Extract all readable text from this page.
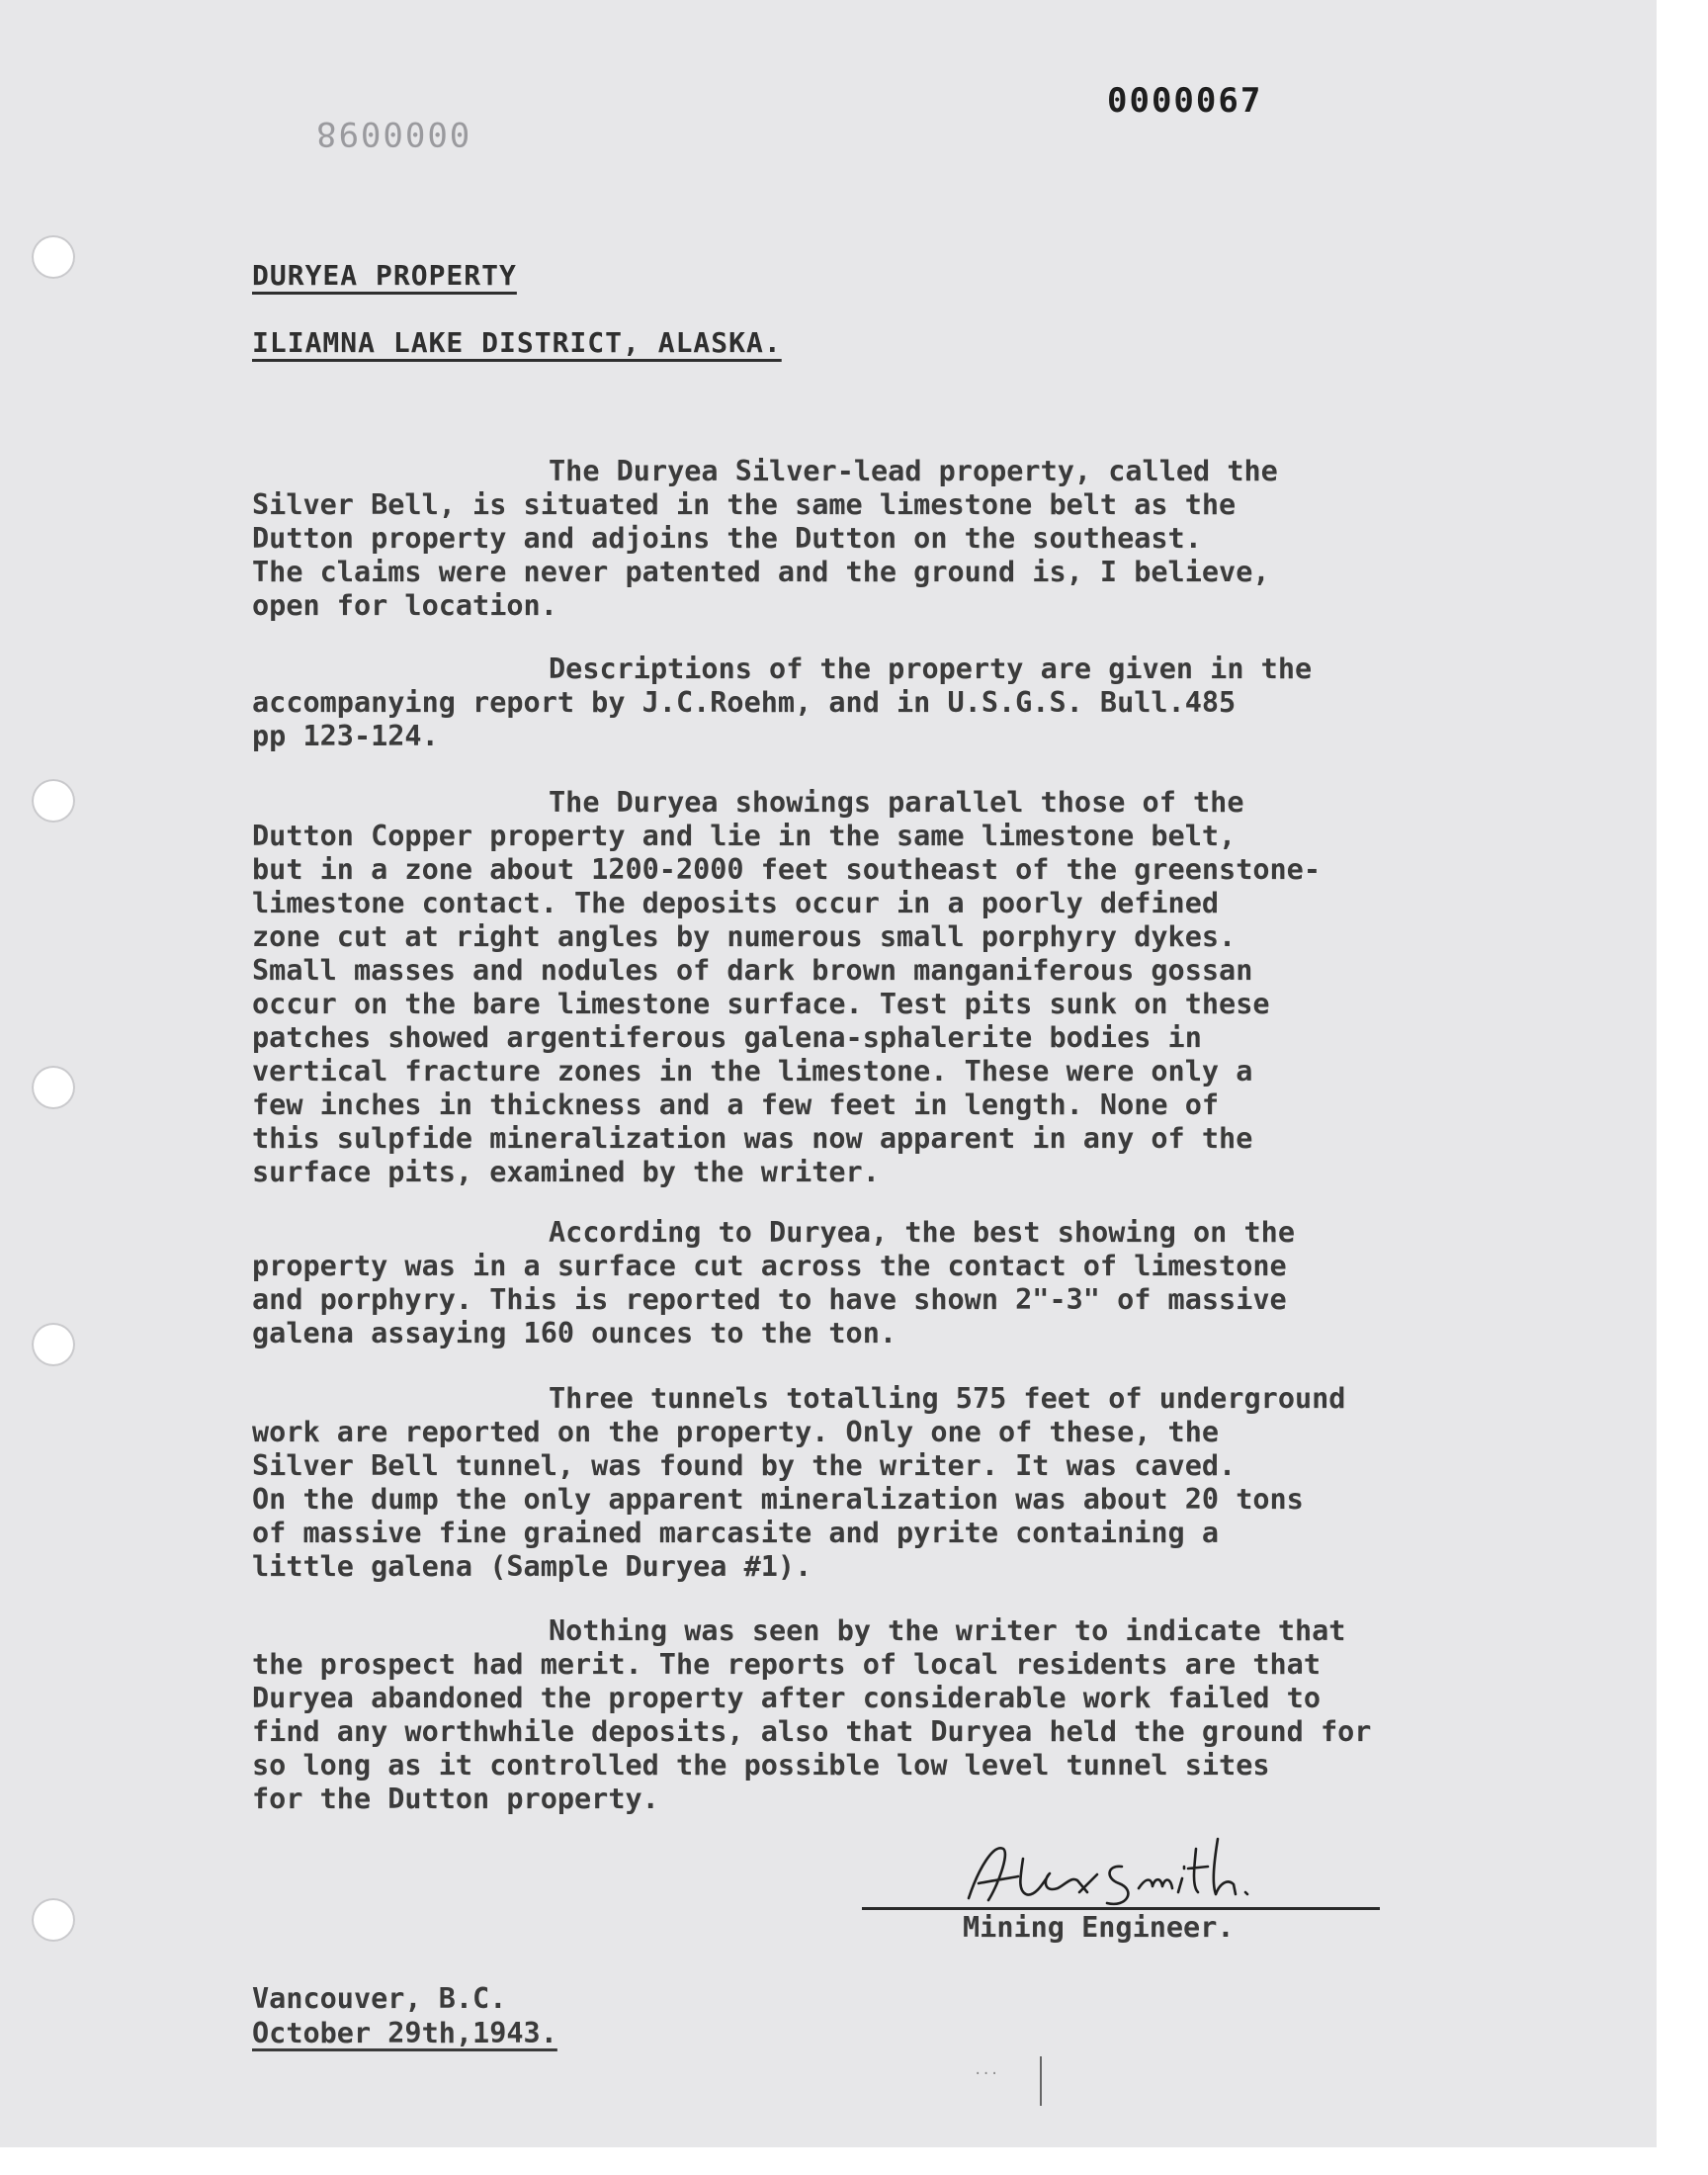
0000098
0000067
DURYEA PROPERTY
ILIAMNA LAKE DISTRICT, ALASKA.

The Duryea Silver-lead property, called the
Silver Bell, is situated in the same limestone belt as the
Dutton property and adjoins the Dutton on the southeast.
The claims were never patented and the ground is, I believe,
open for location.

Descriptions of the property are given in the
accompanying report by J.C.Roehm, and in U.S.G.S. Bull.485
pp 123-124.

The Duryea showings parallel those of the
Dutton Copper property and lie in the same limestone belt,
but in a zone about 1200-2000 feet southeast of the greenstone-
limestone contact. The deposits occur in a poorly defined
zone cut at right angles by numerous small porphyry dykes.
Small masses and nodules of dark brown manganiferous gossan
occur on the bare limestone surface. Test pits sunk on these
patches showed argentiferous galena-sphalerite bodies in
vertical fracture zones in the limestone. These were only a
few inches in thickness and a few feet in length. None of
this sulpfide mineralization was now apparent in any of the
surface pits, examined by the writer.

According to Duryea, the best showing on the
property was in a surface cut across the contact of limestone
and porphyry. This is reported to have shown 2"-3" of massive
galena assaying 160 ounces to the ton.

Three tunnels totalling 575 feet of underground
work are reported on the property. Only one of these, the
Silver Bell tunnel, was found by the writer. It was caved.
On the dump the only apparent mineralization was about 20 tons
of massive fine grained marcasite and pyrite containing a
little galena (Sample Duryea #1).

Nothing was seen by the writer to indicate that
the prospect had merit. The reports of local residents are that
Duryea abandoned the property after considerable work failed to
find any worthwhile deposits, also that Duryea held the ground for
so long as it controlled the possible low level tunnel sites
for the Dutton property.

Mining Engineer.
Vancouver, B.C.
October 29th,1943.
···
